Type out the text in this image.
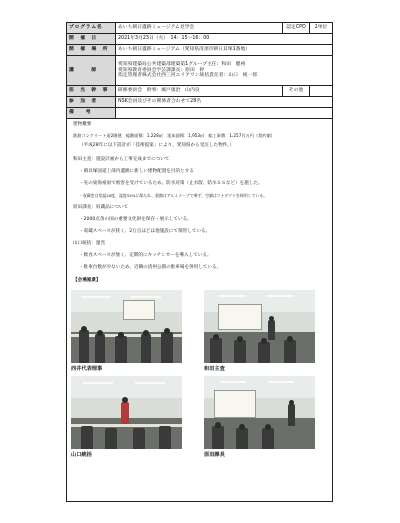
プログラム名	あいち朝日遺跡ミュージアム見学会	認定CPD	2単位
開　催　日	2021年3月23日（火）　14：15～16：00		
開　催　場　所	あいち朝日遺跡ミュージアム（愛知県清須市朝日貝塚1番地）		
講　　　師	愛知県建築局公共建築部建築第1グループ主任：和田　健裕
愛知県教育委員会学芸課課長：原田　幹
指定管理者株式会社西三河エリアワン統括責任者：山口　純一郎		

担　当　幹　事	研修委員会　幹事：城戸康治　山内良	その他	
参　加　者	NSK会員及びその関係者合わせて28名		
備　　考			
建物概要
鉄筋コンクリート造2階建　総敷面積：1,228㎡　延床面積：1,953㎡　総工事費：1,257百万円（契約額）
（平成28年に以下設計が「技術提案」により、愛知県から受注した物件。）
和田主査：施設計画から工事完成までについて
・朝貝塚国道上部内遺跡に新しい建物配置を目的とする
・先の東海豪雨で被害を受けているため、防水対策（止水版、防水ＳＳなど）を施した。
・収蔵室は室温20度、湿度55%に保たれ、殺菌はアルミナーブで乗ず、空調はツナダクトを採用している。
原田課長：収蔵品について
・2000点余の国の重要文化財を保存・展示している。
・収蔵スペースが狭く、2万点ほどは他施設にて保管している。
山口統括：運営
・飲食スペースが無く、定期的にキッチンカーを導入している。
・駐車台数が少ないため、近隣の清州公園の駐車場を併用している。
【会場風景】
西井代表理事	和田主査
山口統括	原田課長
